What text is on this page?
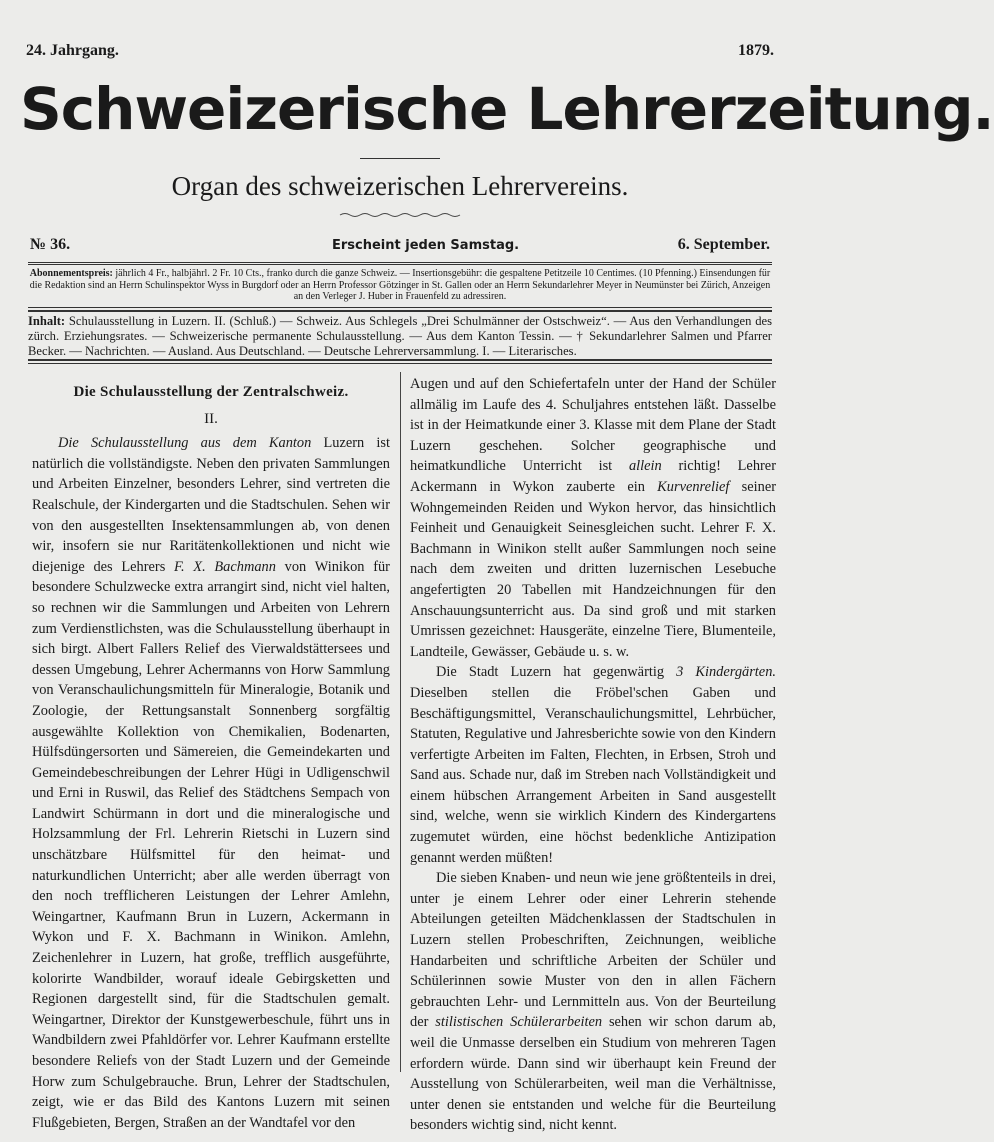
24. Jahrgang.	1879.
Schweizerische Lehrerzeitung.
Organ des schweizerischen Lehrervereins.
№ 36.	Erscheint jeden Samstag.	6. September.
Abonnementspreis: jährlich 4 Fr., halbjährl. 2 Fr. 10 Cts., franko durch die ganze Schweiz. — Insertionsgebühr: die gespaltene Petitzeile 10 Centimes. (10 Pfenning.) Einsendungen für die Redaktion sind an Herrn Schulinspektor Wyss in Burgdorf oder an Herrn Professor Götzinger in St. Gallen oder an Herrn Sekundarlehrer Meyer in Neumünster bei Zürich, Anzeigen an den Verleger J. Huber in Frauenfeld zu adressiren.
Inhalt: Schulausstellung in Luzern. II. (Schluß.) — Schweiz. Aus Schlegels „Drei Schulmänner der Ostschweiz“. — Aus den Verhandlungen des zürch. Erziehungsrates. — Schweizerische permanente Schulausstellung. — Aus dem Kanton Tessin. — † Sekundarlehrer Salmen und Pfarrer Becker. — Nachrichten. — Ausland. Aus Deutschland. — Deutsche Lehrerversammlung. I. — Literarisches.
Die Schulausstellung der Zentralschweiz.
II.

Die Schulausstellung aus dem Kanton Luzern ist natürlich die vollständigste. Neben den privaten Sammlungen und Arbeiten Einzelner, besonders Lehrer, sind vertreten die Realschule, der Kindergarten und die Stadtschulen. Sehen wir von den ausgestellten Insektensammlungen ab, von denen wir, insofern sie nur Raritätenkollektionen und nicht wie diejenige des Lehrers F. X. Bachmann von Winikon für besondere Schulzwecke extra arrangirt sind, nicht viel halten, so rechnen wir die Sammlungen und Arbeiten von Lehrern zum Verdienstlichsten, was die Schulausstellung überhaupt in sich birgt. Albert Fallers Relief des Vierwaldstättersees und dessen Umgebung, Lehrer Achermanns von Horw Sammlung von Veranschaulichungsmitteln für Mineralogie, Botanik und Zoologie, der Rettungsanstalt Sonnenberg sorgfältig ausgewählte Kollektion von Chemikalien, Bodenarten, Hülfsdüngersorten und Sämereien, die Gemeindekarten und Gemeindebeschreibungen der Lehrer Hügi in Udligenschwil und Erni in Ruswil, das Relief des Städtchens Sempach von Landwirt Schürmann in dort und die mineralogische und Holzsammlung der Frl. Lehrerin Rietschi in Luzern sind unschätzbare Hülfsmittel für den heimat- und naturkundlichen Unterricht; aber alle werden überragt von den noch trefflicheren Leistungen der Lehrer Amlehn, Weingartner, Kaufmann Brun in Luzern, Ackermann in Wykon und F. X. Bachmann in Winikon. Amlehn, Zeichenlehrer in Luzern, hat große, trefflich ausgeführte, kolorirte Wandbilder, worauf ideale Gebirgsketten und Regionen dargestellt sind, für die Stadtschulen gemalt. Weingartner, Direktor der Kunstgewerbeschule, führt uns in Wandbildern zwei Pfahldörfer vor. Lehrer Kaufmann erstellte besondere Reliefs von der Stadt Luzern und der Gemeinde Horw zum Schulgebrauche. Brun, Lehrer der Stadtschulen, zeigt, wie er das Bild des Kantons Luzern mit seinen Flußgebieten, Bergen, Straßen an der Wandtafel vor den

Augen und auf den Schiefertafeln unter der Hand der Schüler allmälig im Laufe des 4. Schuljahres entstehen läßt. Dasselbe ist in der Heimatkunde einer 3. Klasse mit dem Plane der Stadt Luzern geschehen. Solcher geographische und heimatkundliche Unterricht ist allein richtig! Lehrer Ackermann in Wykon zauberte ein Kurvenrelief seiner Wohngemeinden Reiden und Wykon hervor, das hinsichtlich Feinheit und Genauigkeit Seinesgleichen sucht. Lehrer F. X. Bachmann in Winikon stellt außer Sammlungen noch seine nach dem zweiten und dritten luzernischen Lesebuche angefertigten 20 Tabellen mit Handzeichnungen für den Anschauungsunterricht aus. Da sind groß und mit starken Umrissen gezeichnet: Hausgeräte, einzelne Tiere, Blumenteile, Landteile, Gewässer, Gebäude u. s. w.

Die Stadt Luzern hat gegenwärtig 3 Kindergärten. Dieselben stellen die Fröbel'schen Gaben und Beschäftigungsmittel, Veranschaulichungsmittel, Lehrbücher, Statuten, Regulative und Jahresberichte sowie von den Kindern verfertigte Arbeiten im Falten, Flechten, in Erbsen, Stroh und Sand aus. Schade nur, daß im Streben nach Vollständigkeit und einem hübschen Arrangement Arbeiten in Sand ausgestellt sind, welche, wenn sie wirklich Kindern des Kindergartens zugemutet würden, eine höchst bedenkliche Antizipation genannt werden müßten!

Die sieben Knaben- und neun wie jene größtenteils in drei, unter je einem Lehrer oder einer Lehrerin stehende Abteilungen geteilten Mädchenklassen der Stadtschulen in Luzern stellen Probeschriften, Zeichnungen, weibliche Handarbeiten und schriftliche Arbeiten der Schüler und Schülerinnen sowie Muster von den in allen Fächern gebrauchten Lehr- und Lernmitteln aus. Von der Beurteilung der stilistischen Schülerarbeiten sehen wir schon darum ab, weil die Unmasse derselben ein Studium von mehreren Tagen erfordern würde. Dann sind wir überhaupt kein Freund der Ausstellung von Schülerarbeiten, weil man die Verhältnisse, unter denen sie entstanden und welche für die Beurteilung besonders wichtig sind, nicht kennt.
